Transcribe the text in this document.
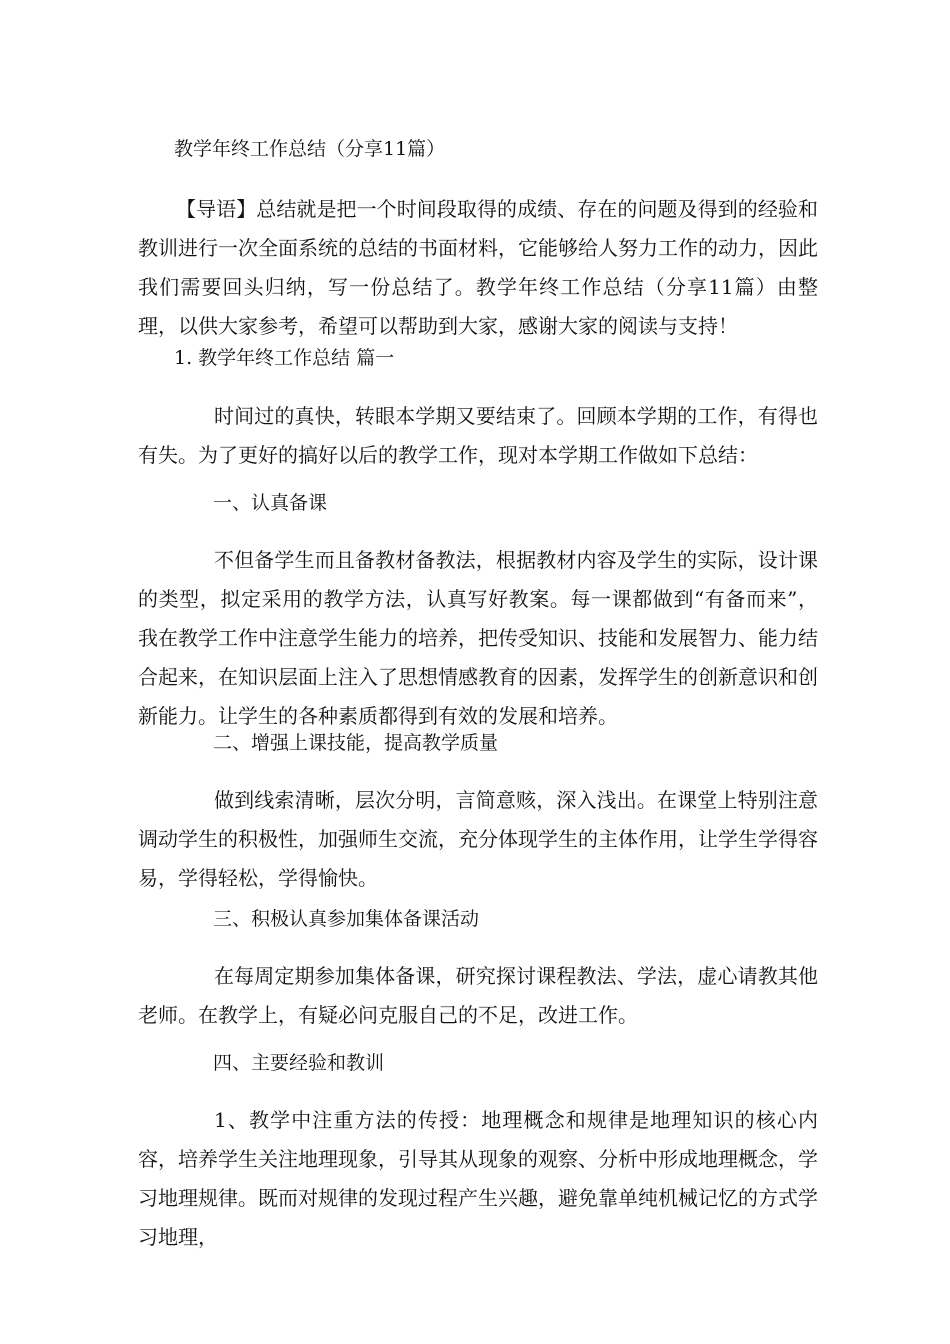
教学年终工作总结（分享11篇）
【导语】总结就是把一个时间段取得的成绩、存在的问题及得到的经验和教训进行一次全面系统的总结的书面材料，它能够给人努力工作的动力，因此我们需要回头归纳，写一份总结了。教学年终工作总结（分享11篇）由整理，以供大家参考，希望可以帮助到大家，感谢大家的阅读与支持！
1. 教学年终工作总结 篇一
时间过的真快，转眼本学期又要结束了。回顾本学期的工作，有得也有失。为了更好的搞好以后的教学工作，现对本学期工作做如下总结：
一、认真备课
不但备学生而且备教材备教法，根据教材内容及学生的实际，设计课的类型，拟定采用的教学方法，认真写好教案。每一课都做到“有备而来”，我在教学工作中注意学生能力的培养，把传受知识、技能和发展智力、能力结合起来，在知识层面上注入了思想情感教育的因素，发挥学生的创新意识和创新能力。让学生的各种素质都得到有效的发展和培养。
二、增强上课技能，提高教学质量
做到线索清晰，层次分明，言简意赅，深入浅出。在课堂上特别注意调动学生的积极性，加强师生交流，充分体现学生的主体作用，让学生学得容易，学得轻松，学得愉快。
三、积极认真参加集体备课活动
在每周定期参加集体备课，研究探讨课程教法、学法，虚心请教其他老师。在教学上，有疑必问克服自己的不足，改进工作。
四、主要经验和教训
1、教学中注重方法的传授：地理概念和规律是地理知识的核心内容，培养学生关注地理现象，引导其从现象的观察、分析中形成地理概念，学习地理规律。既而对规律的发现过程产生兴趣，避免靠单纯机械记忆的方式学习地理，
